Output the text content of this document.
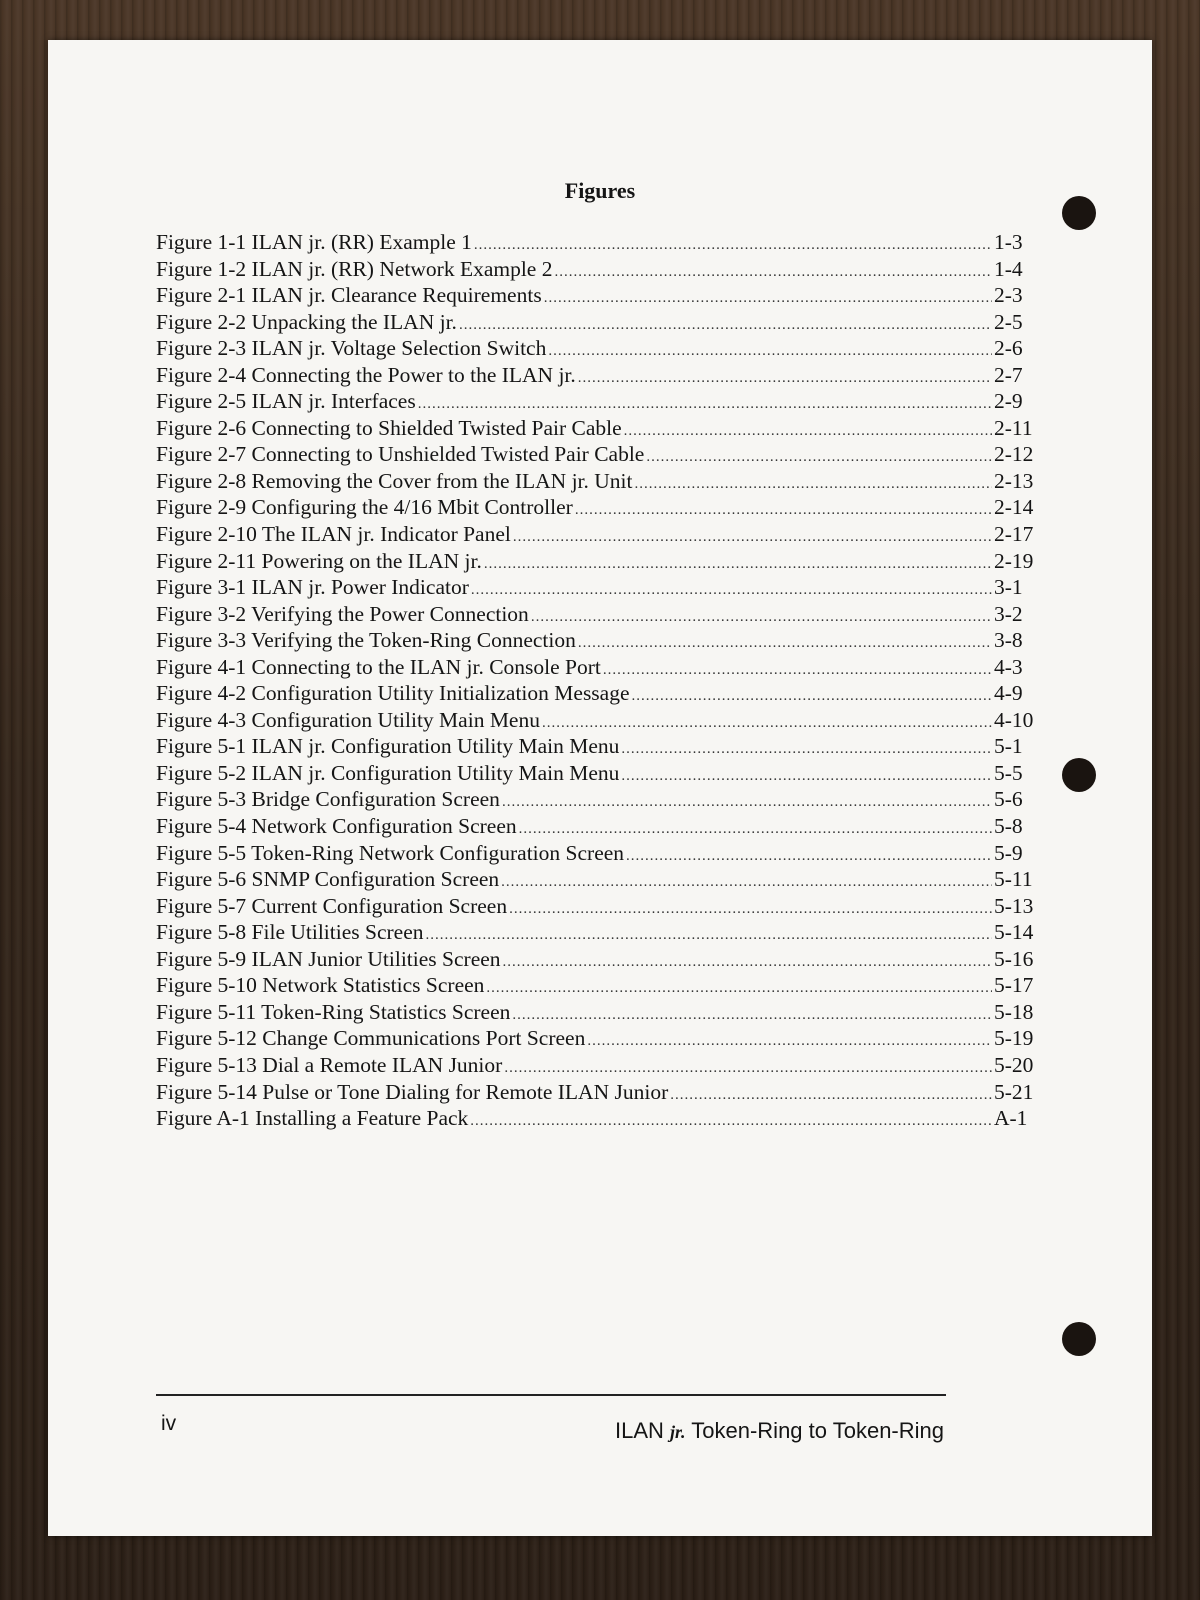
Figures
Figure 1-1 ILAN jr. (RR) Example 1 .....	1-3
Figure 1-2 ILAN jr. (RR) Network Example 2 .....	1-4
Figure 2-1 ILAN jr. Clearance Requirements .....	2-3
Figure 2-2 Unpacking the ILAN jr. .....	2-5
Figure 2-3 ILAN jr. Voltage Selection Switch .....	2-6
Figure 2-4 Connecting the Power to the ILAN jr. .....	2-7
Figure 2-5 ILAN jr. Interfaces .....	2-9
Figure 2-6 Connecting to Shielded Twisted Pair Cable .....	2-11
Figure 2-7 Connecting to Unshielded Twisted Pair Cable .....	2-12
Figure 2-8 Removing the Cover from the ILAN jr. Unit .....	2-13
Figure 2-9 Configuring the 4/16 Mbit Controller .....	2-14
Figure 2-10 The ILAN jr. Indicator Panel .....	2-17
Figure 2-11 Powering on the ILAN jr. .....	2-19
Figure 3-1 ILAN jr. Power Indicator .....	3-1
Figure 3-2 Verifying the Power Connection .....	3-2
Figure 3-3 Verifying the Token-Ring Connection .....	3-8
Figure 4-1 Connecting to the ILAN jr. Console Port .....	4-3
Figure 4-2 Configuration Utility Initialization Message .....	4-9
Figure 4-3 Configuration Utility Main Menu .....	4-10
Figure 5-1 ILAN jr. Configuration Utility Main Menu .....	5-1
Figure 5-2 ILAN jr. Configuration Utility Main Menu .....	5-5
Figure 5-3 Bridge Configuration Screen .....	5-6
Figure 5-4 Network Configuration Screen .....	5-8
Figure 5-5 Token-Ring Network Configuration Screen .....	5-9
Figure 5-6 SNMP Configuration Screen .....	5-11
Figure 5-7 Current Configuration Screen .....	5-13
Figure 5-8 File Utilities Screen .....	5-14
Figure 5-9 ILAN Junior Utilities Screen .....	5-16
Figure 5-10 Network Statistics Screen .....	5-17
Figure 5-11 Token-Ring Statistics Screen .....	5-18
Figure 5-12 Change Communications Port Screen .....	5-19
Figure 5-13 Dial a Remote ILAN Junior .....	5-20
Figure 5-14 Pulse or Tone Dialing for Remote ILAN Junior .....	5-21
Figure A-1 Installing a Feature Pack .....	A-1
iv	ILAN jr. Token-Ring to Token-Ring
